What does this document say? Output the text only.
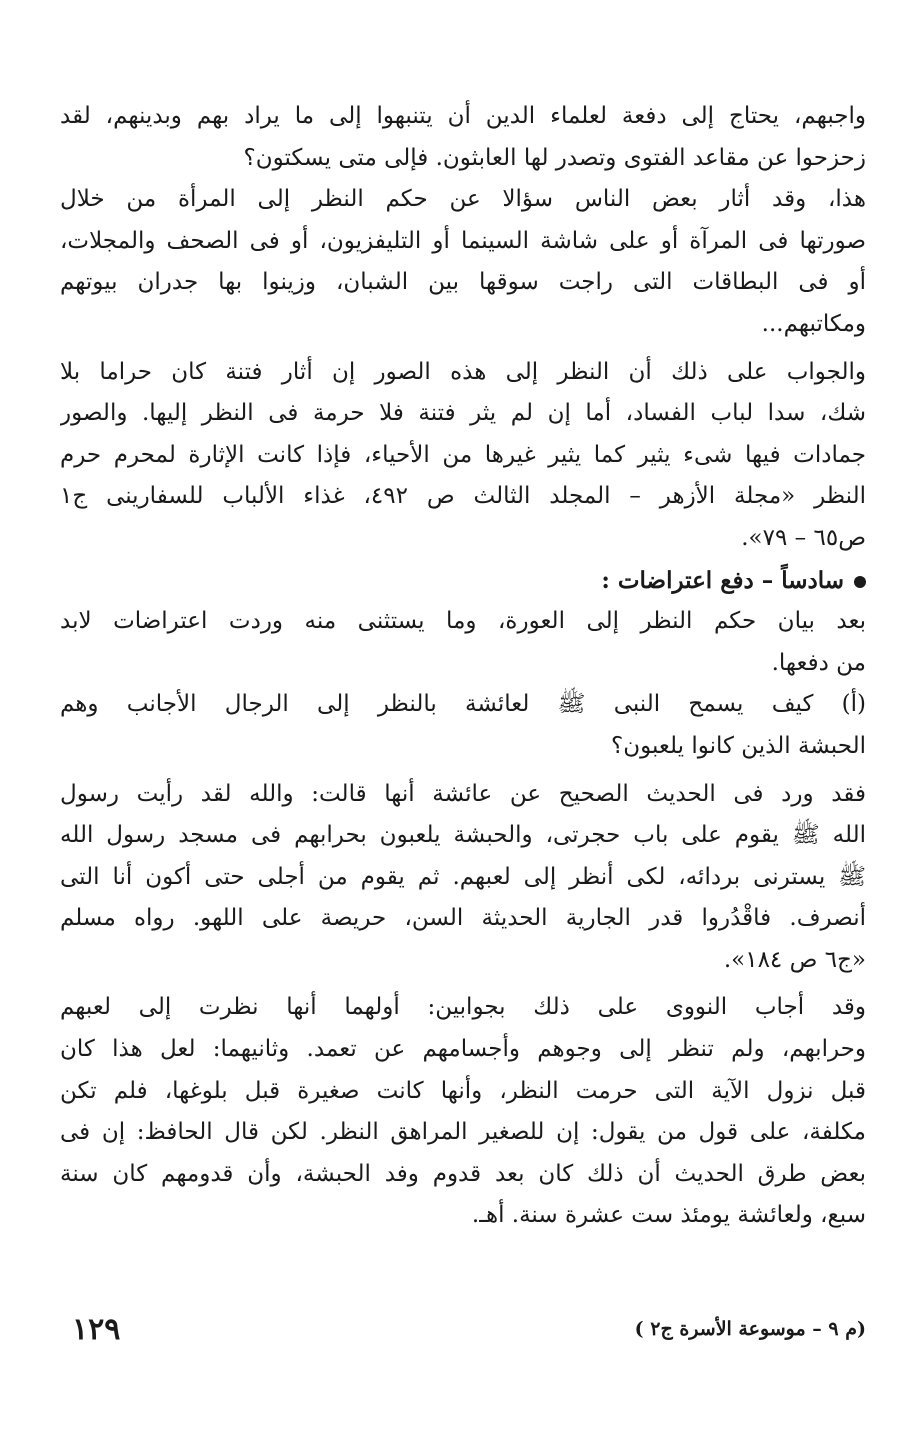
واجبهم، يحتاج إلى دفعة لعلماء الدين أن يتنبهوا إلى ما يراد بهم وبدينهم، لقد
زحزحوا عن مقاعد الفتوى وتصدر لها العابثون. فإلى متى يسكتون؟
هذا، وقد أثار بعض الناس سؤالا عن حكم النظر إلى المرأة من خلال
صورتها فى المرآة أو على شاشة السينما أو التليفزيون، أو فى الصحف والمجلات،
أو فى البطاقات التى راجت سوقها بين الشبان، وزينوا بها جدران بيوتهم
ومكاتبهم...
والجواب على ذلك أن النظر إلى هذه الصور إن أثار فتنة كان حراما بلا
شك، سدا لباب الفساد، أما إن لم يثر فتنة فلا حرمة فى النظر إليها. والصور
جمادات فيها شىء يثير كما يثير غيرها من الأحياء، فإذا كانت الإثارة لمحرم حرم
النظر «مجلة الأزهر – المجلد الثالث ص ٤٩٢، غذاء الألباب للسفارينى ج١
ص٦٥ – ٧٩».
سادساً – دفع اعتراضات :
بعد بيان حكم النظر إلى العورة، وما يستثنى منه وردت اعتراضات لابد
من دفعها.
(أ) كيف يسمح النبى ﷺ لعائشة بالنظر إلى الرجال الأجانب وهم
الحبشة الذين كانوا يلعبون؟
فقد ورد فى الحديث الصحيح عن عائشة أنها قالت: والله لقد رأيت رسول
الله ﷺ يقوم على باب حجرتى، والحبشة يلعبون بحرابهم فى مسجد رسول الله
ﷺ يسترنى بردائه، لكى أنظر إلى لعبهم. ثم يقوم من أجلى حتى أكون أنا التى
أنصرف. فاقْدُروا قدر الجارية الحديثة السن، حريصة على اللهو. رواه مسلم
«ج٦ ص ١٨٤».
وقد أجاب النووى على ذلك بجوابين: أولهما أنها نظرت إلى لعبهم
وحرابهم، ولم تنظر إلى وجوهم وأجسامهم عن تعمد. وثانيهما: لعل هذا كان
قبل نزول الآية التى حرمت النظر، وأنها كانت صغيرة قبل بلوغها، فلم تكن
مكلفة، على قول من يقول: إن للصغير المراهق النظر. لكن قال الحافظ: إن فى
بعض طرق الحديث أن ذلك كان بعد قدوم وفد الحبشة، وأن قدومهم كان سنة
سبع، ولعائشة يومئذ ست عشرة سنة. أهـ.
(م ٩ – موسوعة الأسرة ج٢ )
١٢٩
